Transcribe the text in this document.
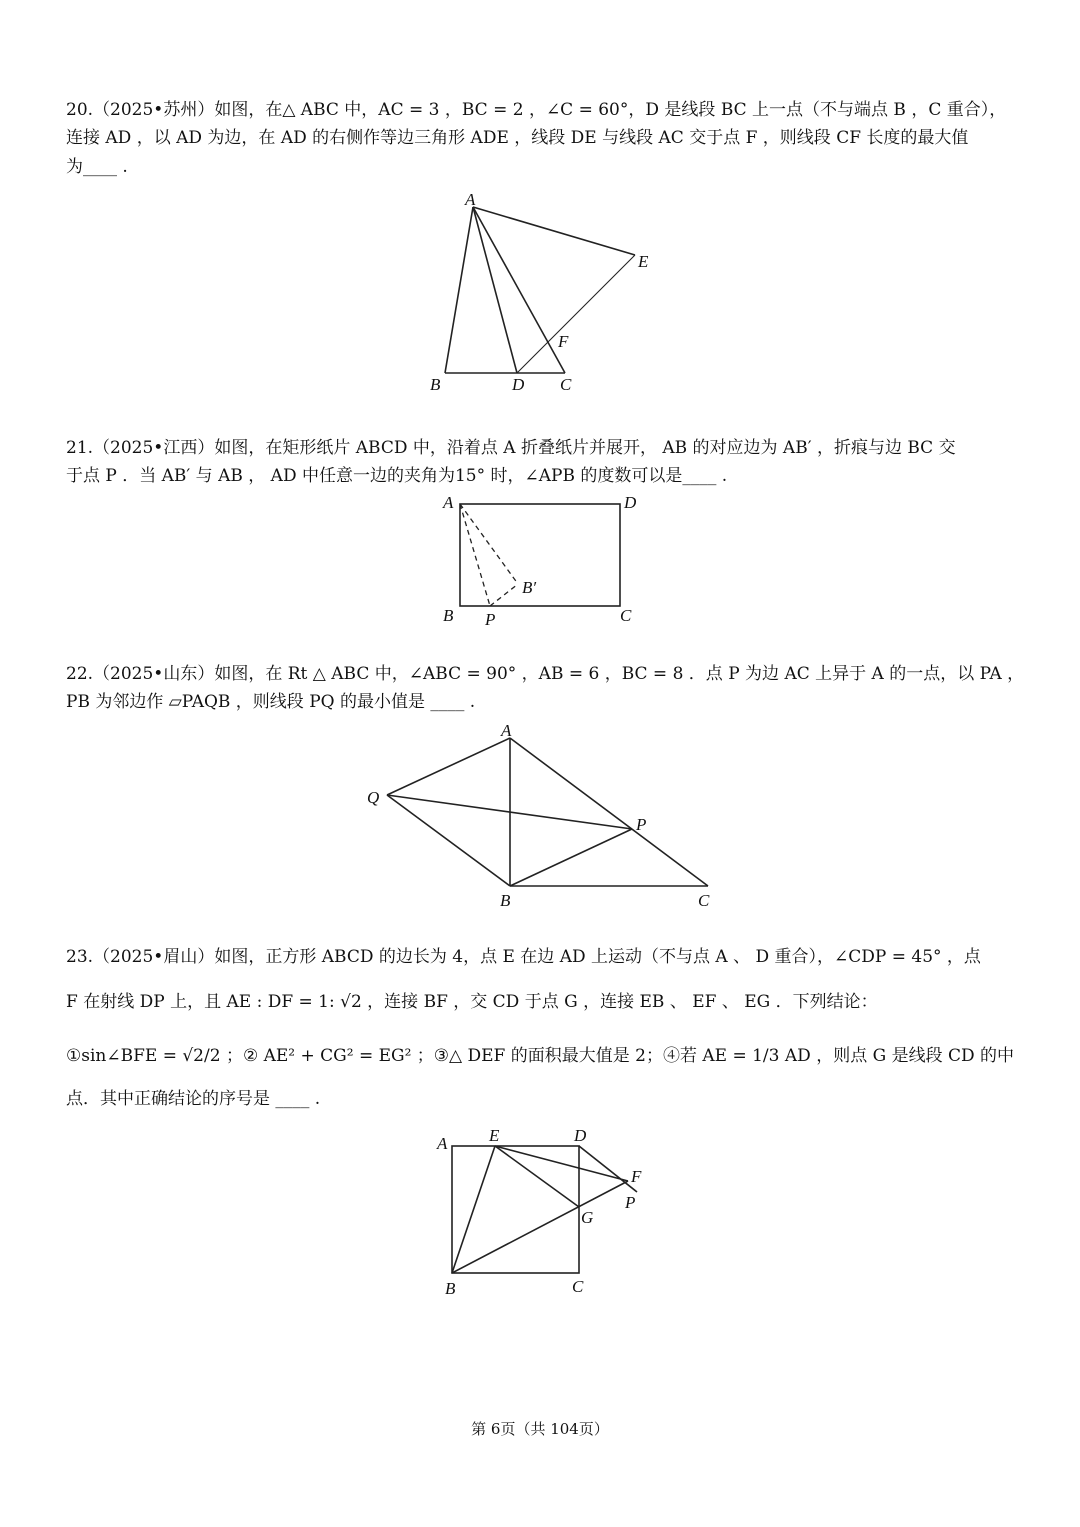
20.（2025•苏州）如图，在△ ABC 中，AC = 3 ，BC = 2 ，∠C = 60°，D 是线段 BC 上一点（不与端点 B ，C 重合），
连接 AD ，以 AD 为边，在 AD 的右侧作等边三角形 ADE ，线段 DE 与线段 AC 交于点 F ，则线段 CF 长度的最大值
为____ .
A
B	D C
E
F
21.（2025•江西）如图，在矩形纸片 ABCD 中，沿着点 A 折叠纸片并展开， AB 的对应边为 AB′ ，折痕与边 BC 交
于点 P ．当 AB′ 与 AB ， AD 中任意一边的夹角为15° 时，∠APB 的度数可以是____ .
A	D
B P	C
B′
22.（2025•山东）如图，在 Rt △ ABC 中，∠ABC = 90° ，AB = 6 ，BC = 8 ．点 P 为边 AC 上异于 A 的一点，以 PA ，
PB 为邻边作 ▱PAQB ，则线段 PQ 的最小值是 ____ .
A
Q
P
B	C
23.（2025•眉山）如图，正方形 ABCD 的边长为 4，点 E 在边 AD 上运动（不与点 A 、 D 重合），∠CDP = 45° ，点
F 在射线 DP 上，且 AE : DF = 1: √2 ，连接 BF ，交 CD 于点 G ，连接 EB 、 EF 、 EG ．下列结论：
①sin∠BFE = √2/2 ；② AE² + CG² = EG² ；③△ DEF 的面积最大值是 2；④若 AE = 1/3 AD ，则点 G 是线段 CD 的中
点．其中正确结论的序号是 ____ .
A E	D
F
P
G
B	C
第 6页（共 104页）
